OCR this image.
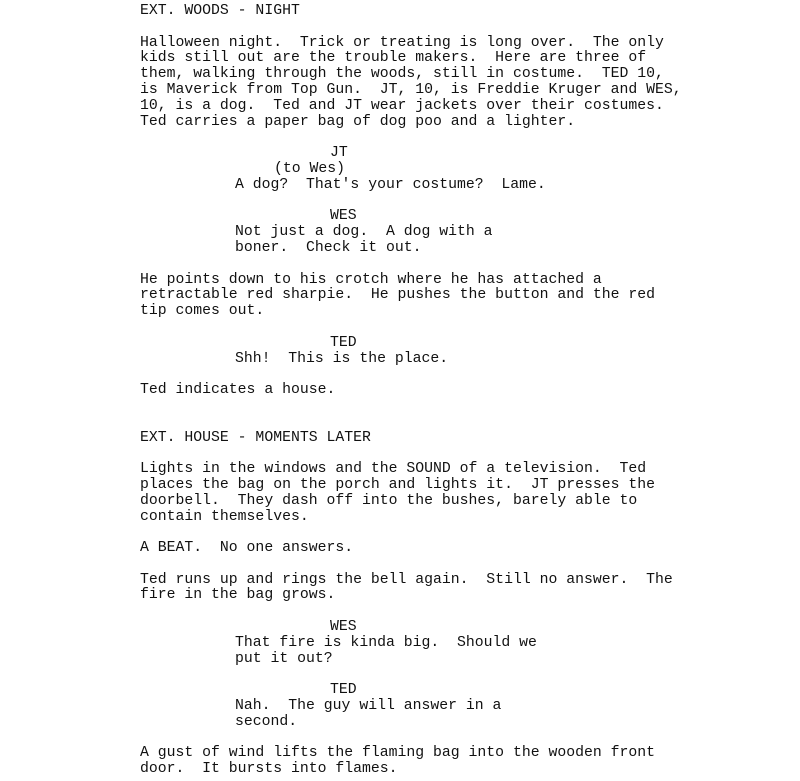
EXT. WOODS - NIGHT
Halloween night.  Trick or treating is long over.  The only
kids still out are the trouble makers.  Here are three of
them, walking through the woods, still in costume.  TED 10,
is Maverick from Top Gun.  JT, 10, is Freddie Kruger and WES,
10, is a dog.  Ted and JT wear jackets over their costumes.
Ted carries a paper bag of dog poo and a lighter.
JT
(to Wes)
A dog?  That's your costume?  Lame.
WES
Not just a dog.  A dog with a
boner.  Check it out.
He points down to his crotch where he has attached a
retractable red sharpie.  He pushes the button and the red
tip comes out.
TED
Shh!  This is the place.
Ted indicates a house.
EXT. HOUSE - MOMENTS LATER
Lights in the windows and the SOUND of a television.  Ted
places the bag on the porch and lights it.  JT presses the
doorbell.  They dash off into the bushes, barely able to
contain themselves.
A BEAT.  No one answers.
Ted runs up and rings the bell again.  Still no answer.  The
fire in the bag grows.
WES
That fire is kinda big.  Should we
put it out?
TED
Nah.  The guy will answer in a
second.
A gust of wind lifts the flaming bag into the wooden front
door.  It bursts into flames.
